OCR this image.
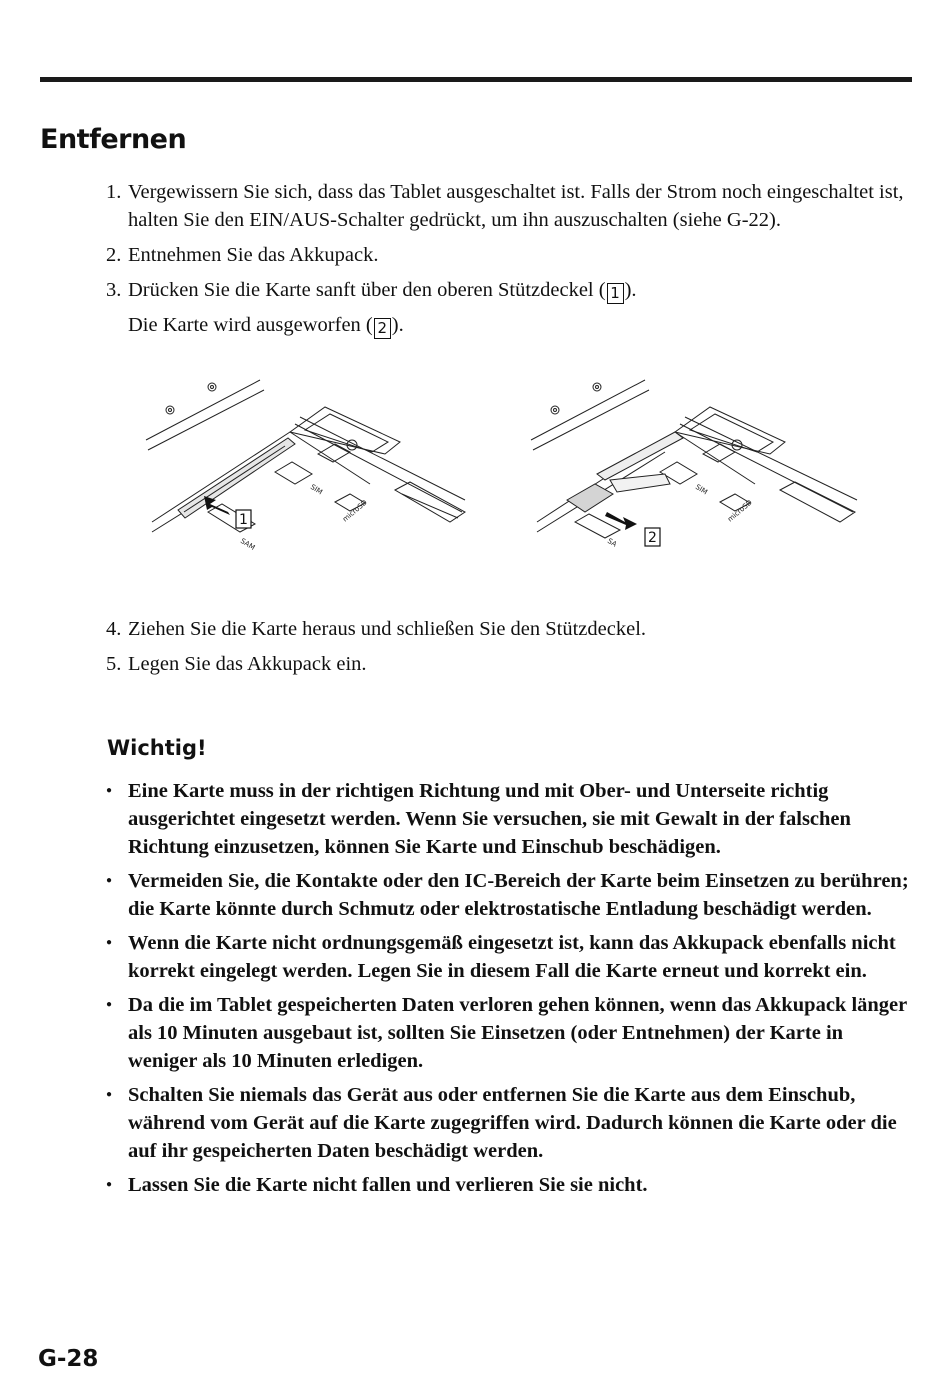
Entfernen
1. Vergewissern Sie sich, dass das Tablet ausgeschaltet ist. Falls der Strom noch eingeschaltet ist, halten Sie den EIN/AUS-Schalter gedrückt, um ihn auszuschalten (siehe G-22).
2. Entnehmen Sie das Akkupack.
3. Drücken Sie die Karte sanft über den oberen Stützdeckel ( 1 ).
Die Karte wird ausgeworfen ( 2 ).
SAM
SIM
microSD
1
SA
SIM
microSD
2
4. Ziehen Sie die Karte heraus und schließen Sie den Stützdeckel.
5. Legen Sie das Akkupack ein.
Wichtig!
● Eine Karte muss in der richtigen Richtung und mit Ober- und Unterseite richtig ausgerichtet eingesetzt werden. Wenn Sie versuchen, sie mit Gewalt in der falschen Richtung einzusetzen, können Sie Karte und Einschub beschädigen.
● Vermeiden Sie, die Kontakte oder den IC-Bereich der Karte beim Einsetzen zu berühren; die Karte könnte durch Schmutz oder elektrostatische Entladung beschädigt werden.
● Wenn die Karte nicht ordnungsgemäß eingesetzt ist, kann das Akkupack ebenfalls nicht korrekt eingelegt werden. Legen Sie in diesem Fall die Karte erneut und korrekt ein.
● Da die im Tablet gespeicherten Daten verloren gehen können, wenn das Akkupack länger als 10 Minuten ausgebaut ist, sollten Sie Einsetzen (oder Entnehmen) der Karte in weniger als 10 Minuten erledigen.
● Schalten Sie niemals das Gerät aus oder entfernen Sie die Karte aus dem Einschub, während vom Gerät auf die Karte zugegriffen wird. Dadurch können die Karte oder die auf ihr gespeicherten Daten beschädigt werden.
● Lassen Sie die Karte nicht fallen und verlieren Sie sie nicht.

G-28
